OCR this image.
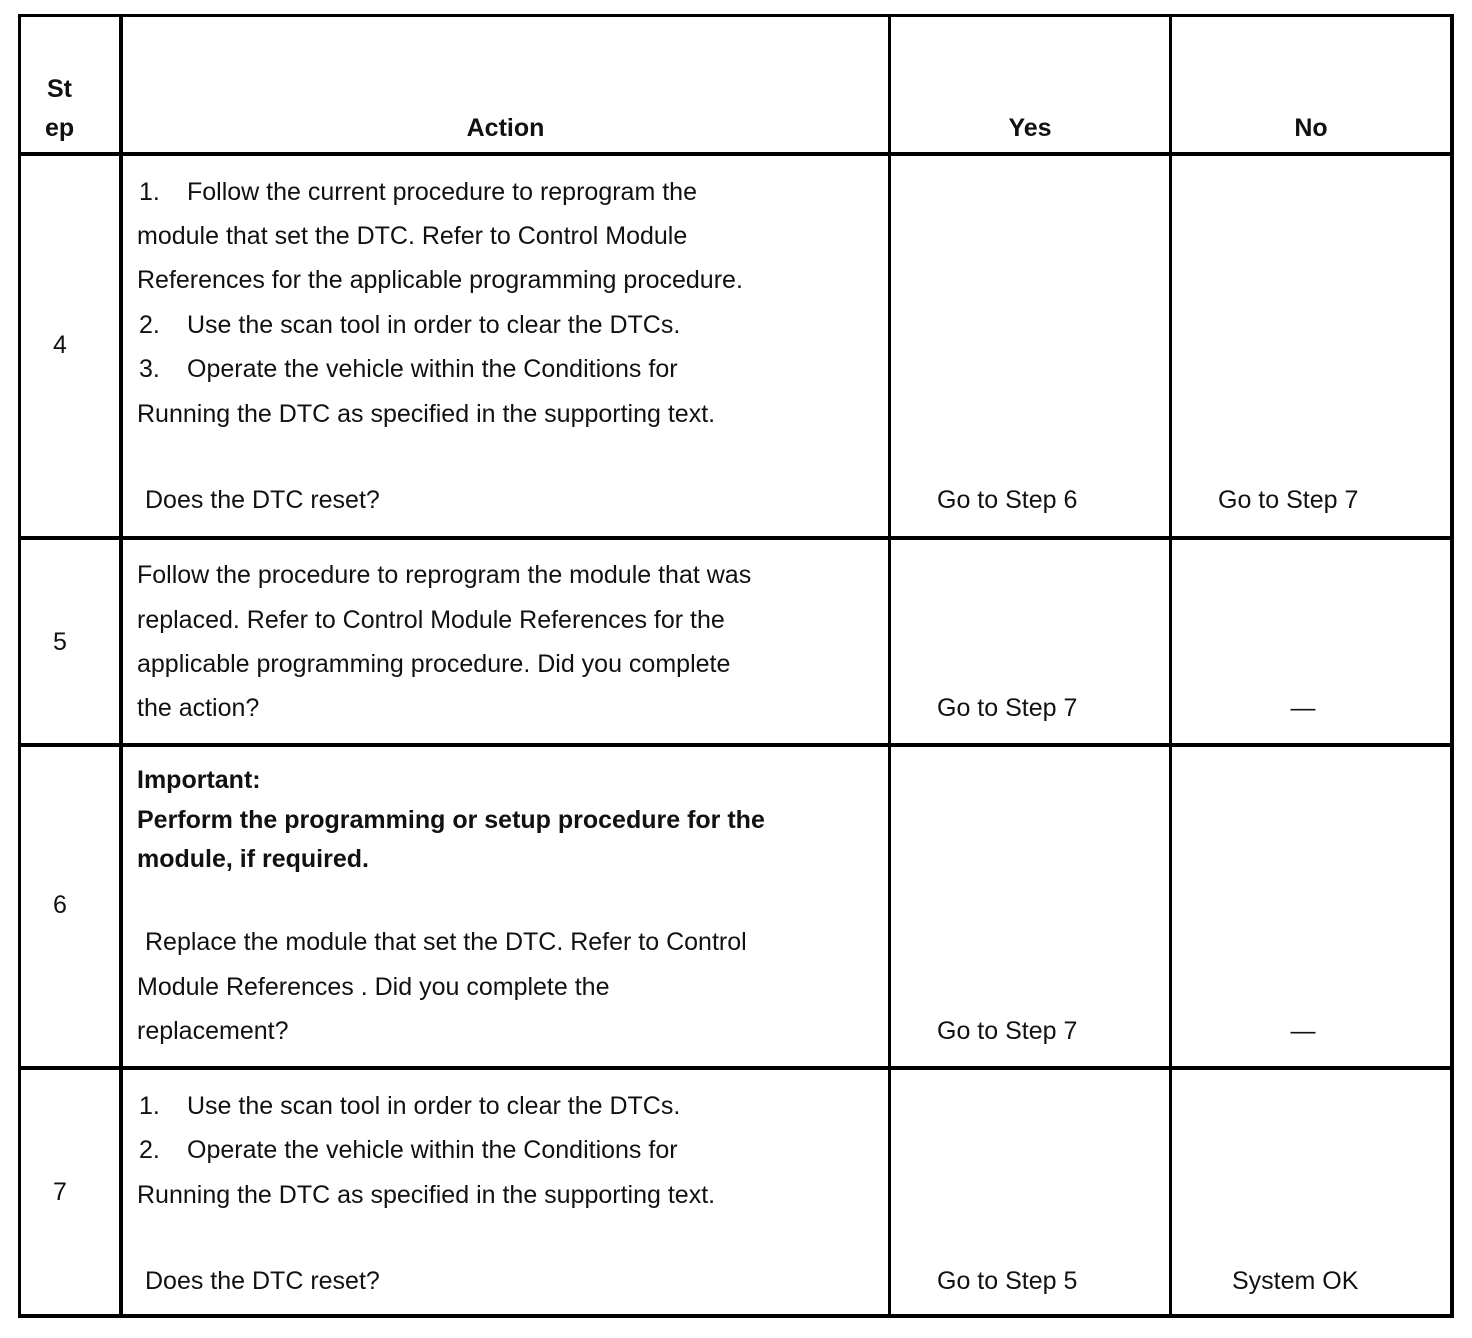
St
ep	Action	Yes	No
4
1. Follow the current procedure to reprogram the
module that set the DTC. Refer to Control Module
References for the applicable programming procedure.
2. Use the scan tool in order to clear the DTCs.
3. Operate the vehicle within the Conditions for
Running the DTC as specified in the supporting text.
Does the DTC reset?	Go to Step 6	Go to Step 7
5
Follow the procedure to reprogram the module that was
replaced. Refer to Control Module References for the
applicable programming procedure. Did you complete
the action?	Go to Step 7	—
6
Important:
Perform the programming or setup procedure for the
module, if required.
Replace the module that set the DTC. Refer to Control
Module References . Did you complete the
replacement?	Go to Step 7	—
7
1. Use the scan tool in order to clear the DTCs.
2. Operate the vehicle within the Conditions for
Running the DTC as specified in the supporting text.
Does the DTC reset?	Go to Step 5	System OK
